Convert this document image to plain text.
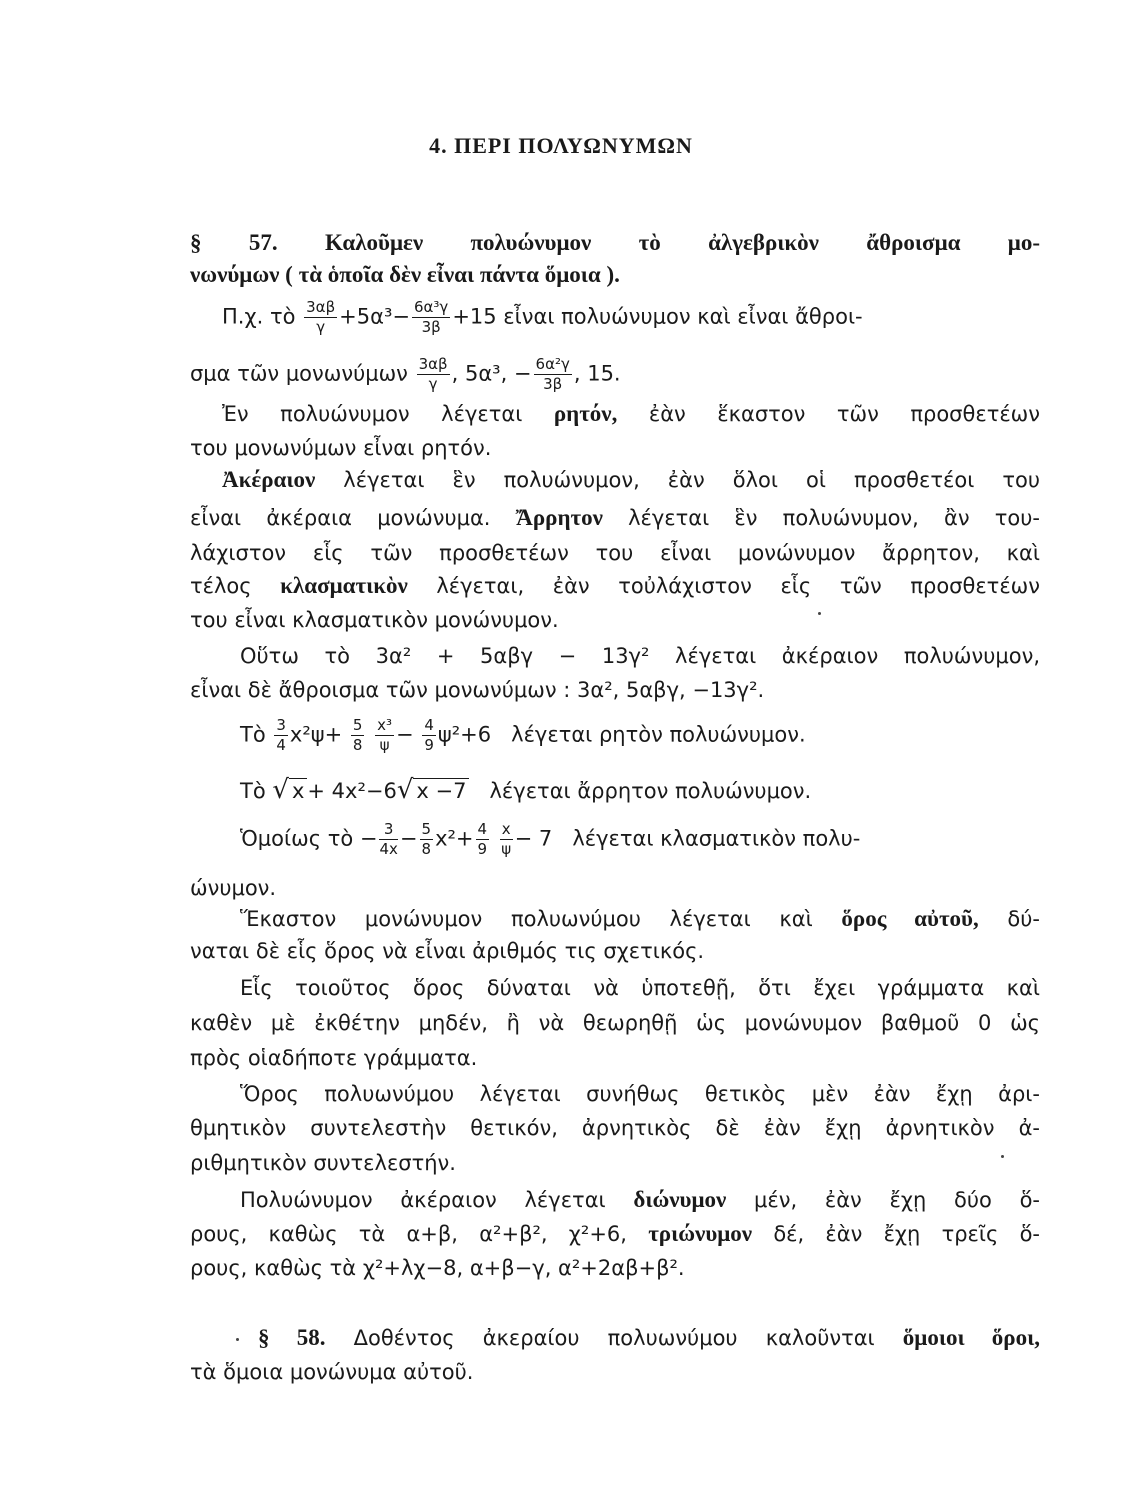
4. ΠΕΡΙ ΠΟΛΥΩΝΥΜΩΝ
§ 57. Καλοῦμεν πολυώνυμον τὸ ἀλγεβρικὸν ἄθροισμα μο-
νωνύμων ( τὰ ὁποῖα δὲν εἶναι πάντα ὅμοια ).
Π.χ. τὸ $\frac{3\alpha\beta}{\gamma} +5\alpha^3- \frac{\text{6α³γ}}{3\beta} +15$ εἶναι πολυώνυμον καὶ εἶναι ἄθροι-
σμα τῶν μονωνύμων $\frac{3\alpha\beta}{\gamma}$ , 5α³, − $\frac{\text{6α²γ}}{3\beta}$ , 15.
Ἐν πολυώνυμον λέγεται ρητόν, ἐὰν ἕκαστον τῶν προσθετέων
του μονωνύμων εἶναι ρητόν.
Ἀκέραιον λέγεται ἓν πολυώνυμον, ἐὰν ὅλοι οἱ προσθετέοι του
εἶναι ἀκέραια μονώνυμα. Ἄρρητον λέγεται ἓν πολυώνυμον, ἂν του-
λάχιστον εἷς τῶν προσθετέων του εἶναι μονώνυμον ἄρρητον, καὶ
τέλος κλασματικὸν λέγεται, ἐὰν τοὐλάχιστον εἷς τῶν προσθετέων
του εἶναι κλασματικὸν μονώνυμον.
Οὕτω τὸ 3α² + 5αβγ − 13γ² λέγεται ἀκέραιον πολυώνυμον,
εἶναι δὲ ἄθροισμα τῶν μονωνύμων : 3α², 5αβγ, −13γ².
Τὸ $\frac{3}{4} x^2\psi+ \frac{5}{8}$
$\frac{\text{x³}}{\psi} - \frac{4}{9} \psi^2+6$ λέγεται ρητὸν πολυώνυμον.
Τὸ √ x + 4x²−6√ x −7 λέγεται ἄρρητον πολυώνυμον.
Ὁμοίως τὸ − $\frac{3}{4x} - \frac{5}{8} x^2+ \frac{4}{9}$
$\frac{x}{\psi} - 7$ λέγεται κλασματικὸν πολυ-
ώνυμον.
Ἕκαστον μονώνυμον πολυωνύμου λέγεται καὶ ὅρος αὐτοῦ, δύ-
ναται δὲ εἷς ὅρος νὰ εἶναι ἀριθμός τις σχετικός.
Εἷς τοιοῦτος ὅρος δύναται νὰ ὑποτεθῇ, ὅτι ἔχει γράμματα καὶ
καθὲν μὲ ἐκθέτην μηδέν, ἢ νὰ θεωρηθῇ ὡς μονώνυμον βαθμοῦ 0 ὡς
πρὸς οἱαδήποτε γράμματα.
Ὅρος πολυωνύμου λέγεται συνήθως θετικὸς μὲν ἐὰν ἔχῃ ἀρι-
θμητικὸν συντελεστὴν θετικόν, ἀρνητικὸς δὲ ἐὰν ἔχῃ ἀρνητικὸν ἀ-
ριθμητικὸν συντελεστήν.
Πολυώνυμον ἀκέραιον λέγεται διώνυμον μέν, ἐὰν ἔχῃ δύο ὅ-
ρους, καθὼς τὰ α+β, α²+β², χ²+6, τριώνυμον δέ, ἐὰν ἔχῃ τρεῖς ὅ-
ρους, καθὼς τὰ χ²+λχ−8, α+β−γ, α²+2αβ+β².
§ 58. Δοθέντος ἀκεραίου πολυωνύμου καλοῦνται ὅμοιοι ὅροι,
τὰ ὅμοια μονώνυμα αὐτοῦ.
